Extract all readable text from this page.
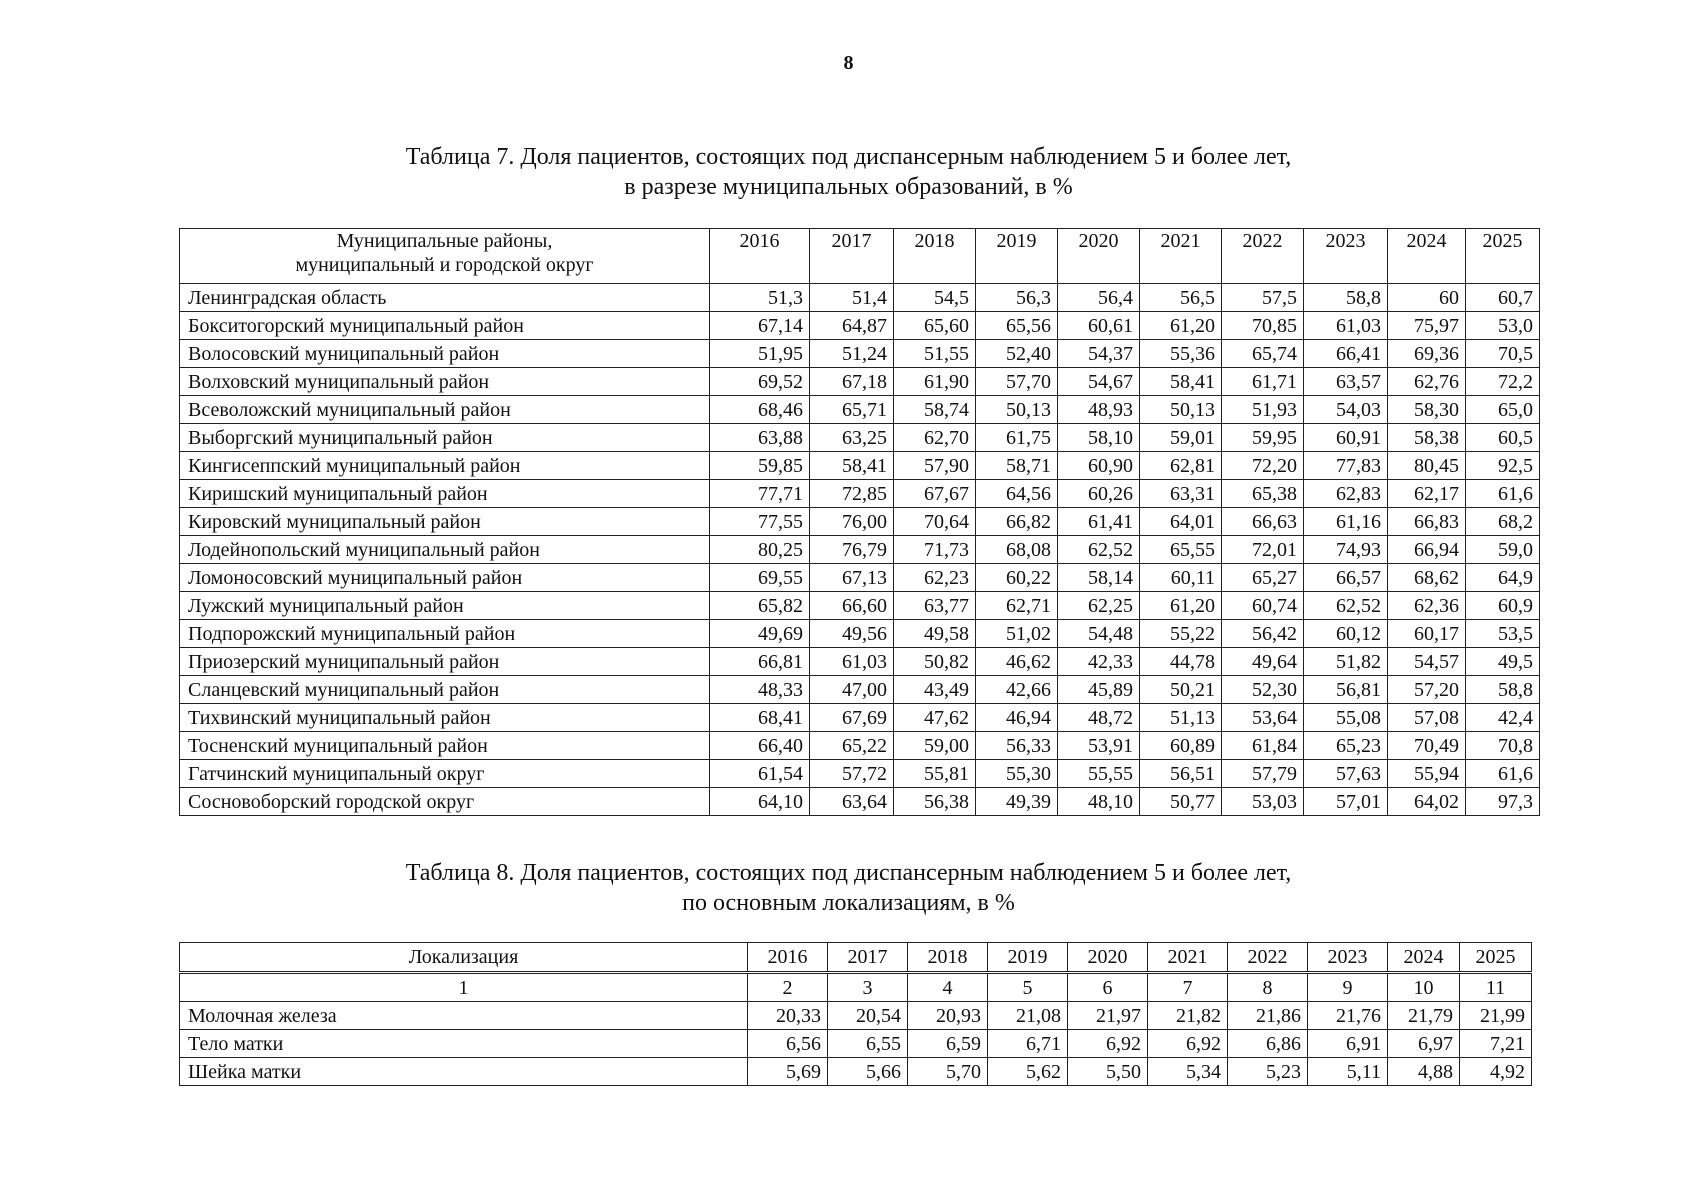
8
Таблица 7. Доля пациентов, состоящих под диспансерным наблюдением 5 и более лет,
в разрезе муниципальных образований, в %
Муниципальные районы,
муниципальный и городской округ	2016	2017	2018	2019	2020	2021	2022	2023	2024	2025
Ленинградская область	51,3	51,4	54,5	56,3	56,4	56,5	57,5	58,8	60	60,7
Бокситогорский муниципальный район	67,14	64,87	65,60	65,56	60,61	61,20	70,85	61,03	75,97	53,0
Волосовский муниципальный район	51,95	51,24	51,55	52,40	54,37	55,36	65,74	66,41	69,36	70,5
Волховский муниципальный район	69,52	67,18	61,90	57,70	54,67	58,41	61,71	63,57	62,76	72,2
Всеволожский муниципальный район	68,46	65,71	58,74	50,13	48,93	50,13	51,93	54,03	58,30	65,0
Выборгский муниципальный район	63,88	63,25	62,70	61,75	58,10	59,01	59,95	60,91	58,38	60,5
Кингисеппский муниципальный район	59,85	58,41	57,90	58,71	60,90	62,81	72,20	77,83	80,45	92,5
Киришский муниципальный район	77,71	72,85	67,67	64,56	60,26	63,31	65,38	62,83	62,17	61,6
Кировский муниципальный район	77,55	76,00	70,64	66,82	61,41	64,01	66,63	61,16	66,83	68,2
Лодейнопольский муниципальный район	80,25	76,79	71,73	68,08	62,52	65,55	72,01	74,93	66,94	59,0
Ломоносовский муниципальный район	69,55	67,13	62,23	60,22	58,14	60,11	65,27	66,57	68,62	64,9
Лужский муниципальный район	65,82	66,60	63,77	62,71	62,25	61,20	60,74	62,52	62,36	60,9
Подпорожский муниципальный район	49,69	49,56	49,58	51,02	54,48	55,22	56,42	60,12	60,17	53,5
Приозерский муниципальный район	66,81	61,03	50,82	46,62	42,33	44,78	49,64	51,82	54,57	49,5
Сланцевский муниципальный район	48,33	47,00	43,49	42,66	45,89	50,21	52,30	56,81	57,20	58,8
Тихвинский муниципальный район	68,41	67,69	47,62	46,94	48,72	51,13	53,64	55,08	57,08	42,4
Тосненский муниципальный район	66,40	65,22	59,00	56,33	53,91	60,89	61,84	65,23	70,49	70,8
Гатчинский муниципальный округ	61,54	57,72	55,81	55,30	55,55	56,51	57,79	57,63	55,94	61,6
Сосновоборский городской округ	64,10	63,64	56,38	49,39	48,10	50,77	53,03	57,01	64,02	97,3
Таблица 8. Доля пациентов, состоящих под диспансерным наблюдением 5 и более лет,
по основным локализациям, в %
Локализация	2016	2017	2018	2019	2020	2021	2022	2023	2024	2025
1	2	3	4	5	6	7	8	9	10	11
Молочная железа	20,33	20,54	20,93	21,08	21,97	21,82	21,86	21,76	21,79	21,99
Тело матки	6,56	6,55	6,59	6,71	6,92	6,92	6,86	6,91	6,97	7,21
Шейка матки	5,69	5,66	5,70	5,62	5,50	5,34	5,23	5,11	4,88	4,92
